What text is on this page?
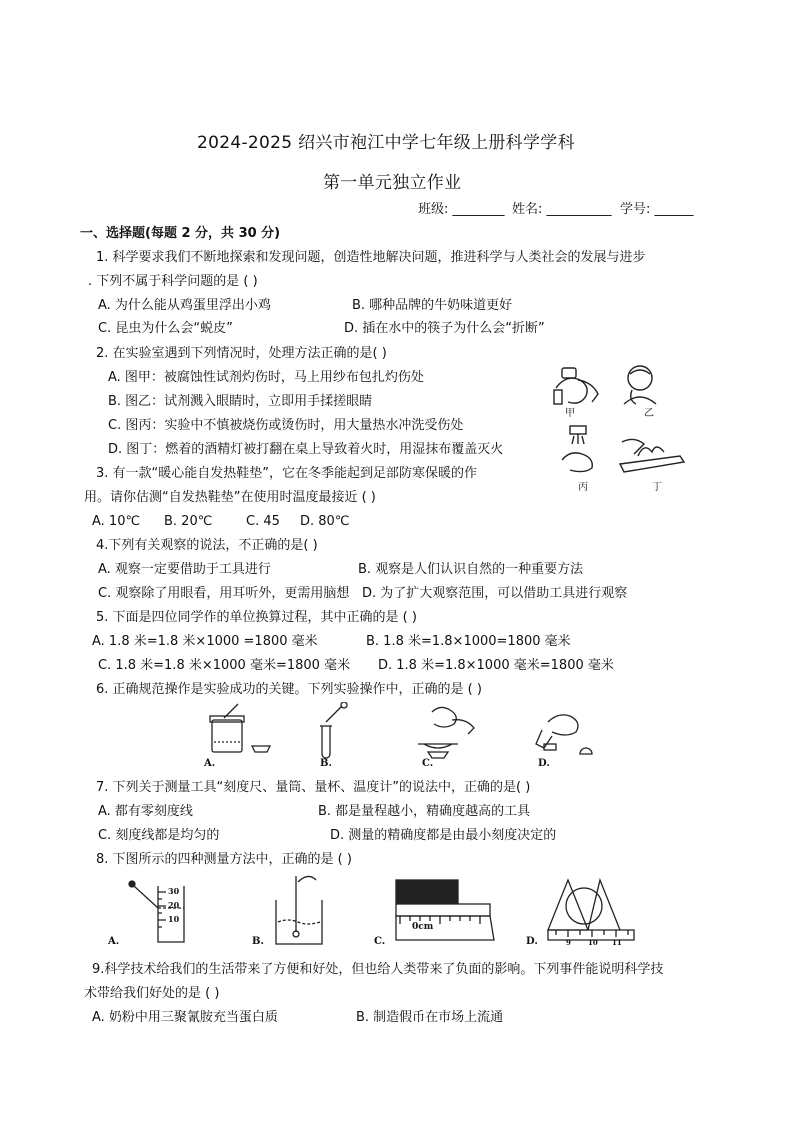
2024-2025 绍兴市袍江中学七年级上册科学学科
第一单元独立作业
班级: ________ 姓名: __________ 学号: ______
一、选择题(每题 2 分，共 30 分)
1. 科学要求我们不断地探索和发现问题，创造性地解决问题，推进科学与人类社会的发展与进步
. 下列不属于科学问题的是 ( )
A. 为什么能从鸡蛋里浮出小鸡	B. 哪种品牌的牛奶味道更好
C. 昆虫为什么会“蜕皮”	D. 插在水中的筷子为什么会“折断”
2. 在实验室遇到下列情况时，处理方法正确的是( )
A. 图甲：被腐蚀性试剂灼伤时，马上用纱布包扎灼伤处
B. 图乙：试剂溅入眼睛时，立即用手揉搓眼睛
C. 图丙：实验中不慎被烧伤或烫伤时，用大量热水冲洗受伤处
D. 图丁：燃着的酒精灯被打翻在桌上导致着火时，用湿抹布覆盖灭火
甲	乙
丙	丁
3. 有一款“暖心能自发热鞋垫”，它在冬季能起到足部防寒保暖的作
用。请你估测“自发热鞋垫”在使用时温度最接近 ( )
A. 10℃ B. 20℃	C. 45 D. 80℃
4.下列有关观察的说法，不正确的是( )
A. 观察一定要借助于工具进行	B. 观察是人们认识自然的一种重要方法
C. 观察除了用眼看，用耳听外，更需用脑想 D. 为了扩大观察范围，可以借助工具进行观察
5. 下面是四位同学作的单位换算过程，其中正确的是 ( )
A. 1.8 米=1.8 米×1000 =1800 毫米	B. 1.8 米=1.8×1000=1800 毫米
C. 1.8 米=1.8 米×1000 毫米=1800 毫米 D. 1.8 米=1.8×1000 毫米=1800 毫米
6. 正确规范操作是实验成功的关键。下列实验操作中，正确的是 ( )
A.	B.	C.	D.
7. 下列关于测量工具“刻度尺、量筒、量杯、温度计”的说法中，正确的是( )
A. 都有零刻度线	B. 都是量程越小，精确度越高的工具
C. 刻度线都是均匀的	D. 测量的精确度都是由最小刻度决定的
8. 下图所示的四种测量方法中，正确的是 ( )
A.
30
20
10
B.	C.
0cm
D.	9 10 11
9.科学技术给我们的生活带来了方便和好处，但也给人类带来了负面的影响。下列事件能说明科学技
术带给我们好处的是 ( )
A. 奶粉中用三聚氰胺充当蛋白质	B. 制造假币在市场上流通
